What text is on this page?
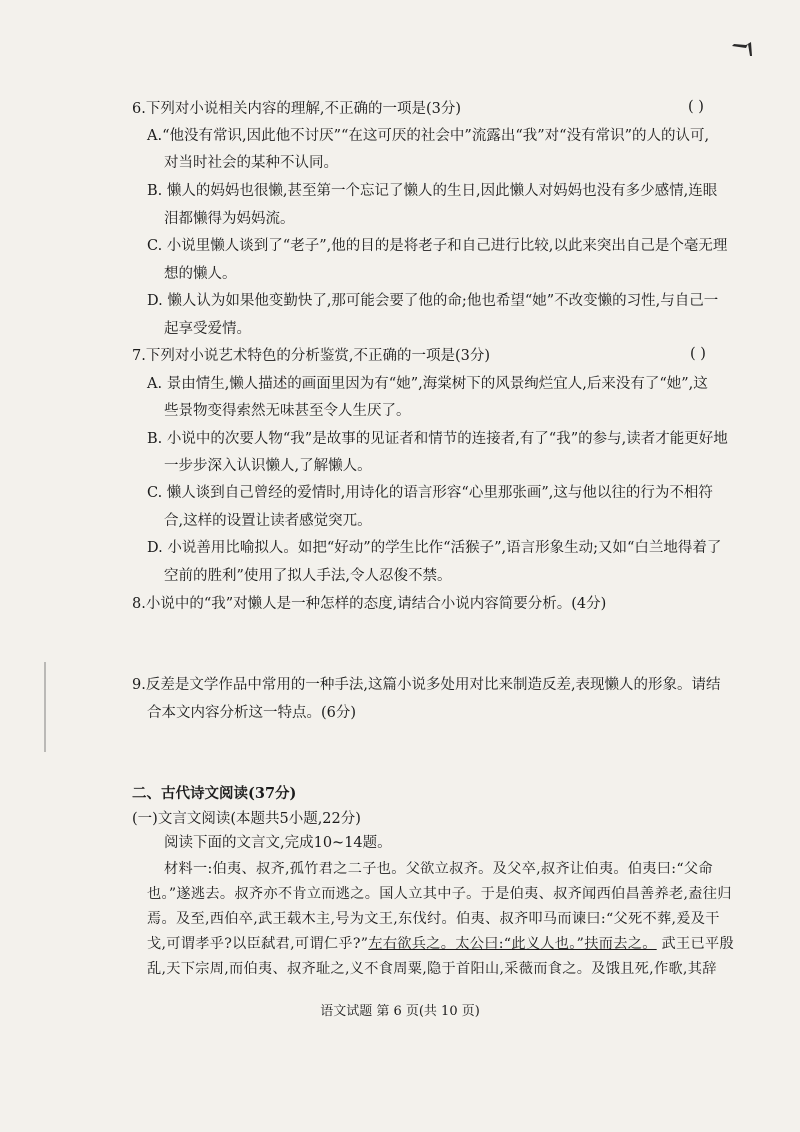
6.下列对小说相关内容的理解,不正确的一项是(3分)	( )
A.“他没有常识,因此他不讨厌”“在这可厌的社会中”流露出“我”对“没有常识”的人的认可,
对当时社会的某种不认同。
B. 懒人的妈妈也很懒,甚至第一个忘记了懒人的生日,因此懒人对妈妈也没有多少感情,连眼
泪都懒得为妈妈流。
C. 小说里懒人谈到了“老子”,他的目的是将老子和自己进行比较,以此来突出自己是个毫无理
想的懒人。
D. 懒人认为如果他变勤快了,那可能会要了他的命;他也希望“她”不改变懒的习性,与自己一
起享受爱情。
7.下列对小说艺术特色的分析鉴赏,不正确的一项是(3分)	( )
A. 景由情生,懒人描述的画面里因为有“她”,海棠树下的风景绚烂宜人,后来没有了“她”,这
些景物变得索然无味甚至令人生厌了。
B. 小说中的次要人物“我”是故事的见证者和情节的连接者,有了“我”的参与,读者才能更好地
一步步深入认识懒人,了解懒人。
C. 懒人谈到自己曾经的爱情时,用诗化的语言形容“心里那张画”,这与他以往的行为不相符
合,这样的设置让读者感觉突兀。
D. 小说善用比喻拟人。如把“好动”的学生比作“活猴子”,语言形象生动;又如“白兰地得着了
空前的胜利”使用了拟人手法,令人忍俊不禁。
8.小说中的“我”对懒人是一种怎样的态度,请结合小说内容简要分析。(4分)
9.反差是文学作品中常用的一种手法,这篇小说多处用对比来制造反差,表现懒人的形象。请结
合本文内容分析这一特点。(6分)
二、古代诗文阅读(37分)
(一)文言文阅读(本题共5小题,22分)
阅读下面的文言文,完成10~14题。
材料一:伯夷、叔齐,孤竹君之二子也。父欲立叔齐。及父卒,叔齐让伯夷。伯夷曰:“父命
也。”遂逃去。叔齐亦不肯立而逃之。国人立其中子。于是伯夷、叔齐闻西伯昌善养老,盍往归
焉。及至,西伯卒,武王载木主,号为文王,东伐纣。伯夷、叔齐叩马而谏曰:“父死不葬,爰及干
戈,可谓孝乎?以臣弑君,可谓仁乎?”左右欲兵之。太公曰:“此义人也。”扶而去之。 武王已平殷
乱,天下宗周,而伯夷、叔齐耻之,义不食周粟,隐于首阳山,采薇而食之。及饿且死,作歌,其辞
语文试题 第 6 页(共 10 页)
